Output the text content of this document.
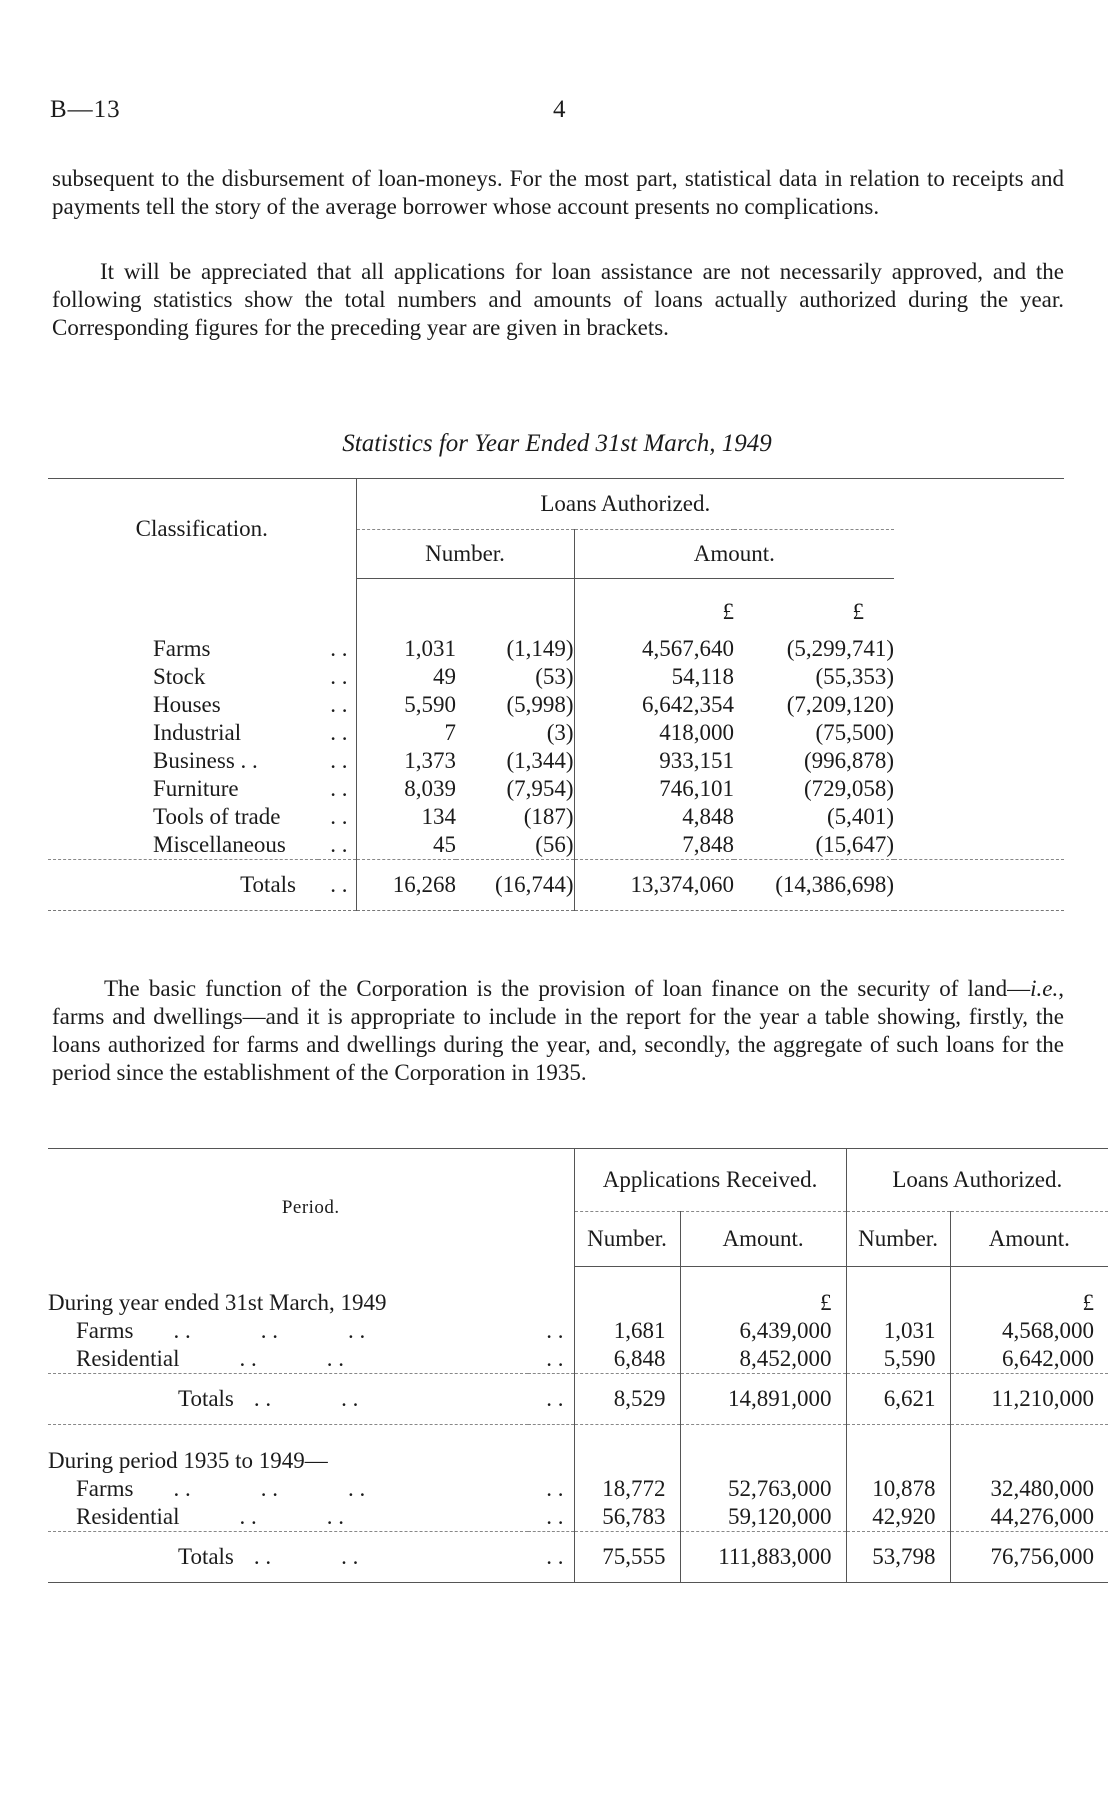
B—13	4

subsequent to the disbursement of loan-moneys. For the most part, statistical data in relation to receipts and payments tell the story of the average borrower whose account presents no complications.

It will be appreciated that all applications for loan assistance are not necessarily approved, and the following statistics show the total numbers and amounts of loans actually authorized during the year. Corresponding figures for the preceding year are given in brackets.

Statistics for Year Ended 31st March, 1949
Classification.		Loans Authorized.				
		Number.		Amount.		
				£	£	
Farms	. .	1,031	(1,149)	4,567,640	(5,299,741)	
Stock	. .	49	(53)	54,118	(55,353)	
Houses	. .	5,590	(5,998)	6,642,354	(7,209,120)	
Industrial	. .	7	(3)	418,000	(75,500)	
Business . .	. .	1,373	(1,344)	933,151	(996,878)	
Furniture	. .	8,039	(7,954)	746,101	(729,058)	
Tools of trade	. .	134	(187)	4,848	(5,401)	
Miscellaneous	. .	45	(56)	7,848	(15,647)	
Totals	. .	16,268	(16,744)	13,374,060	(14,386,698)	

The basic function of the Corporation is the provision of loan finance on the security of land—i.e., farms and dwellings—and it is appropriate to include in the report for the year a table showing, firstly, the loans authorized for farms and dwellings during the year, and, secondly, the aggregate of such loans for the period since the establishment of the Corporation in 1935.

Period.		Applications Received.		Loans Authorized.	
		Number.	Amount.	Number.	Amount.

During year ended 31st March, 1949			£		£
Farms . . . . . .	. .	1,681	6,439,000	1,031	4,568,000
Residential . . . .	. .	6,848	8,452,000	5,590	6,642,000
Totals . . . .	. .	8,529	14,891,000	6,621	11,210,000

During period 1935 to 1949—					
Farms . . . . . .	. .	18,772	52,763,000	10,878	32,480,000
Residential . . . .	. .	56,783	59,120,000	42,920	44,276,000
Totals . . . .	. .	75,555	111,883,000	53,798	76,756,000
